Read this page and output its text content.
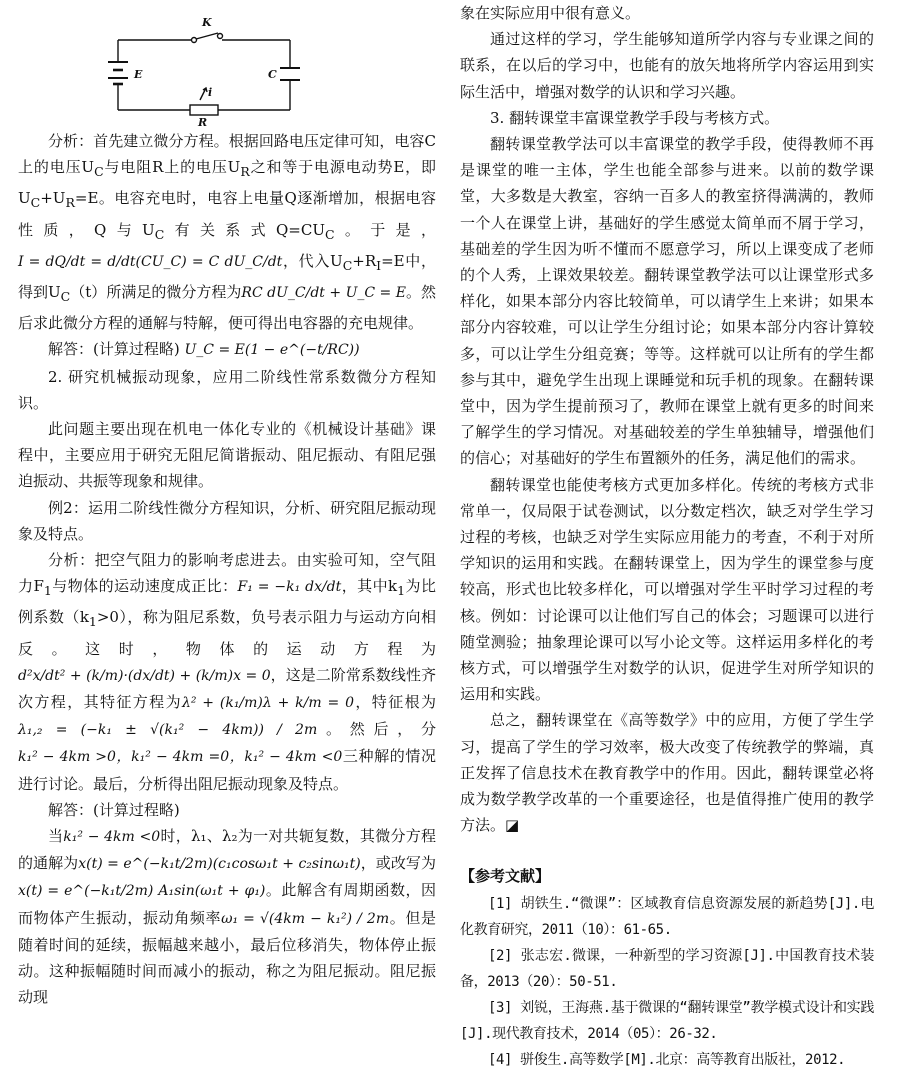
K
E	C
R
i

分析：首先建立微分方程。根据回路电压定律可知，电容C上的电压$U_C$与电阻R上的电压$U_R$之和等于电源电动势E，即$U_C+U_R=E$。电容充电时，电容上电量Q逐渐增加，根据电容性质，Q与$U_C$有关系式$Q=CU_C$。于是，I = dQ/dt = d/dt(CU_C) = C dU_C/dt，代入$U_C+R_I=E$中，得到$U_C(t)$所满足的微分方程为RC dU_C/dt + U_C = E。然后求此微分方程的通解与特解，便可得出电容器的充电规律。

解答：(计算过程略) U_C = E(1 − e^(−t/RC))

2. 研究机械振动现象，应用二阶线性常系数微分方程知识。

此问题主要出现在机电一体化专业的《机械设计基础》课程中，主要应用于研究无阻尼简谐振动、阻尼振动、有阻尼强迫振动、共振等现象和规律。

例2：运用二阶线性微分方程知识，分析、研究阻尼振动现象及特点。

分析：把空气阻力的影响考虑进去。由实验可知，空气阻力$F_1$与物体的运动速度成正比：F₁ = −k₁ dx/dt，其中$k_1$为比例系数$(k_1>0)$，称为阻尼系数，负号表示阻力与运动方向相反。这时，物体的运动方程为d²x/dt² + (k/m)·(dx/dt) + (k/m)x = 0，这是二阶常系数线性齐次方程，其特征方程为λ² + (k₁/m)λ + k/m = 0，特征根为λ₁,₂ = (−k₁ ± √(k₁² − 4km)) / 2m。然后，分k₁² − 4km >0，k₁² − 4km =0，k₁² − 4km <0三种解的情况进行讨论。最后，分析得出阻尼振动现象及特点。

解答：(计算过程略)

当k₁² − 4km <0时，λ₁、λ₂为一对共轭复数，其微分方程的通解为x(t) = e^(−k₁t/2m)(c₁cosω₁t + c₂sinω₁t)，或改写为x(t) = e^(−k₁t/2m) A₁sin(ω₁t + φ₁)。此解含有周期函数，因而物体产生振动，振动角频率ω₁ = √(4km − k₁²) / 2m。但是随着时间的延续，振幅越来越小，最后位移消失，物体停止振动。这种振幅随时间而减小的振动，称之为阻尼振动。阻尼振动现

象在实际应用中很有意义。

通过这样的学习，学生能够知道所学内容与专业课之间的联系，在以后的学习中，也能有的放矢地将所学内容运用到实际生活中，增强对数学的认识和学习兴趣。

3. 翻转课堂丰富课堂教学手段与考核方式。

翻转课堂教学法可以丰富课堂的教学手段，使得教师不再是课堂的唯一主体，学生也能全部参与进来。以前的数学课堂，大多数是大教室，容纳一百多人的教室挤得满满的，教师一个人在课堂上讲，基础好的学生感觉太简单而不屑于学习，基础差的学生因为听不懂而不愿意学习，所以上课变成了老师的个人秀，上课效果较差。翻转课堂教学法可以让课堂形式多样化，如果本部分内容比较简单，可以请学生上来讲；如果本部分内容较难，可以让学生分组讨论；如果本部分内容计算较多，可以让学生分组竞赛；等等。这样就可以让所有的学生都参与其中，避免学生出现上课睡觉和玩手机的现象。在翻转课堂中，因为学生提前预习了，教师在课堂上就有更多的时间来了解学生的学习情况。对基础较差的学生单独辅导，增强他们的信心；对基础好的学生布置额外的任务，满足他们的需求。

翻转课堂也能使考核方式更加多样化。传统的考核方式非常单一，仅局限于试卷测试，以分数定档次，缺乏对学生学习过程的考核，也缺乏对学生实际应用能力的考查，不利于对所学知识的运用和实践。在翻转课堂上，因为学生的课堂参与度较高，形式也比较多样化，可以增强对学生平时学习过程的考核。例如：讨论课可以让他们写自己的体会；习题课可以进行随堂测验；抽象理论课可以写小论文等。这样运用多样化的考核方式，可以增强学生对数学的认识，促进学生对所学知识的运用和实践。

总之，翻转课堂在《高等数学》中的应用，方便了学生学习，提高了学生的学习效率，极大改变了传统教学的弊端，真正发挥了信息技术在教育教学中的作用。因此，翻转课堂必将成为数学教学改革的一个重要途径，也是值得推广使用的教学方法。◪

【参考文献】

[1] 胡铁生.“微课”：区域教育信息资源发展的新趋势[J].电化教育研究，2011（10）：61-65.

[2] 张志宏.微课，一种新型的学习资源[J].中国教育技术装备，2013（20）：50-51.

[3] 刘锐，王海燕.基于微课的“翻转课堂”教学模式设计和实践[J].现代教育技术，2014（05）：26-32.

[4] 骈俊生.高等数学[M].北京：高等教育出版社，2012.
